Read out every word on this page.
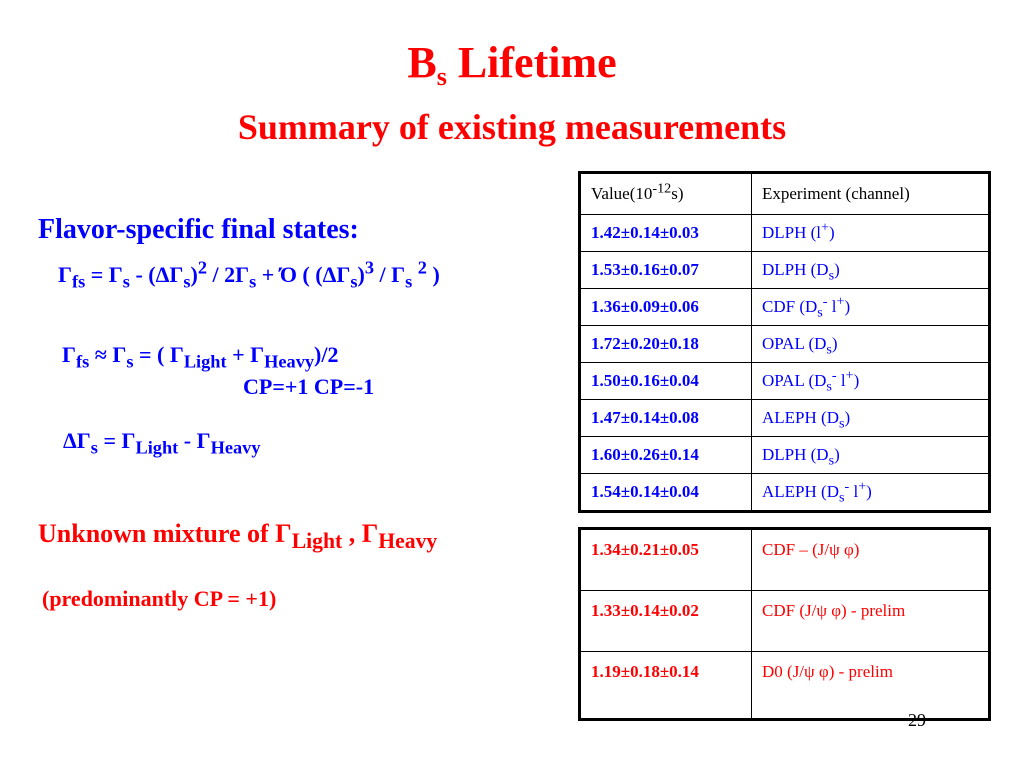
$B_s$ Lifetime
Summary of existing measurements
Flavor-specific final states:
$\Gamma_{fs} = \Gamma_s - (\Delta\Gamma_s)^2 / 2\Gamma_s + Ό$ ( $(\Delta\Gamma_s)^3 / \Gamma_s$ $^2$ )
$\Gamma_{fs} \approx \Gamma_s$ = ( $\Gamma_{Light} + \Gamma_{Heavy})/2$
CP=+1 CP=-1
$\Delta\Gamma_s = \Gamma_{Light} - \Gamma_{Heavy}$
Unknown mixture of $\Gamma_{Light}$ , $\Gamma_{Heavy}$
(predominantly CP = +1)
$Value(10^{-12}s)$	Experiment (channel)
1.42±0.14±0.03	DLPH (l+)
1.53±0.16±0.07	DLPH $(D_s)$
1.36±0.09±0.06	CDF ($D_s^-$ l+)
1.72±0.20±0.18	OPAL $(D_s)$
1.50±0.16±0.04	OPAL ($D_s^-$ l+)
1.47±0.14±0.08	ALEPH $(D_s)$
1.60±0.26±0.14	DLPH $(D_s)$
1.54±0.14±0.04	ALEPH ($D_s^-$ l+)
1.34±0.21±0.05	CDF – (J/ψ φ)
1.33±0.14±0.02	CDF (J/ψ φ) - prelim
1.19±0.18±0.14	D0 (J/ψ φ) - prelim
29
